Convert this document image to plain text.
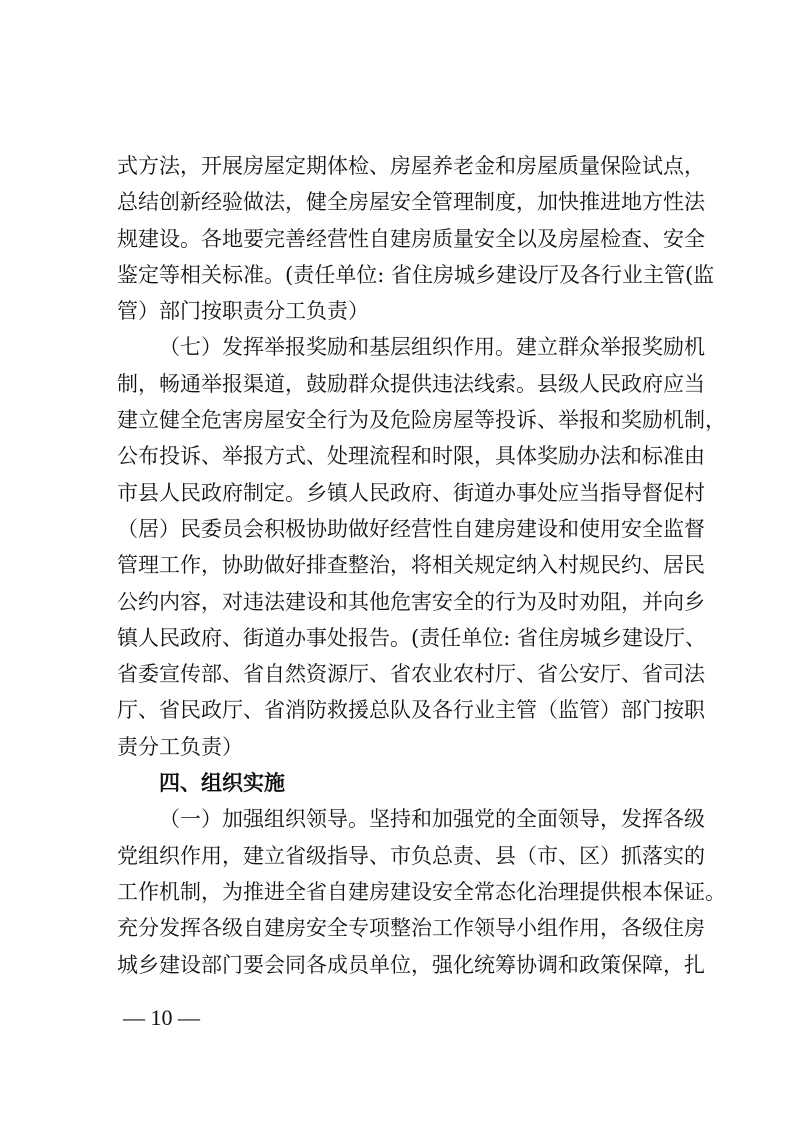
式方法，开展房屋定期体检、房屋养老金和房屋质量保险试点，
总结创新经验做法，健全房屋安全管理制度，加快推进地方性法
规建设。各地要完善经营性自建房质量安全以及房屋检查、安全
鉴定等相关标准。(责任单位: 省住房城乡建设厅及各行业主管(监
管）部门按职责分工负责）
（七）发挥举报奖励和基层组织作用。建立群众举报奖励机
制，畅通举报渠道，鼓励群众提供违法线索。县级人民政府应当
建立健全危害房屋安全行为及危险房屋等投诉、举报和奖励机制，
公布投诉、举报方式、处理流程和时限，具体奖励办法和标准由
市县人民政府制定。乡镇人民政府、街道办事处应当指导督促村
（居）民委员会积极协助做好经营性自建房建设和使用安全监督
管理工作，协助做好排查整治，将相关规定纳入村规民约、居民
公约内容，对违法建设和其他危害安全的行为及时劝阻，并向乡
镇人民政府、街道办事处报告。(责任单位: 省住房城乡建设厅、
省委宣传部、省自然资源厅、省农业农村厅、省公安厅、省司法
厅、省民政厅、省消防救援总队及各行业主管（监管）部门按职
责分工负责）
四、组织实施
（一）加强组织领导。坚持和加强党的全面领导，发挥各级
党组织作用，建立省级指导、市负总责、县（市、区）抓落实的
工作机制，为推进全省自建房建设安全常态化治理提供根本保证。
充分发挥各级自建房安全专项整治工作领导小组作用，各级住房
城乡建设部门要会同各成员单位，强化统筹协调和政策保障，扎
— 10 —
